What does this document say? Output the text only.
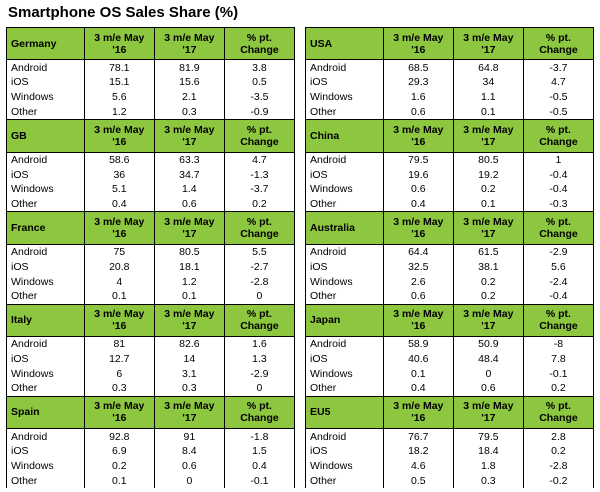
Smartphone OS Sales Share (%)
Germany	3 m/e May '16	3 m/e May '17	% pt. Change
Android	78.1	81.9	3.8
iOS	15.1	15.6	0.5
Windows	5.6	2.1	-3.5
Other	1.2	0.3	-0.9
GB	3 m/e May '16	3 m/e May '17	% pt. Change
Android	58.6	63.3	4.7
iOS	36	34.7	-1.3
Windows	5.1	1.4	-3.7
Other	0.4	0.6	0.2
France	3 m/e May '16	3 m/e May '17	% pt. Change
Android	75	80.5	5.5
iOS	20.8	18.1	-2.7
Windows	4	1.2	-2.8
Other	0.1	0.1	0
Italy	3 m/e May '16	3 m/e May '17	% pt. Change
Android	81	82.6	1.6
iOS	12.7	14	1.3
Windows	6	3.1	-2.9
Other	0.3	0.3	0
Spain	3 m/e May '16	3 m/e May '17	% pt. Change
Android	92.8	91	-1.8
iOS	6.9	8.4	1.5
Windows	0.2	0.6	0.4
Other	0.1	0	-0.1
USA	3 m/e May '16	3 m/e May '17	% pt. Change
Android	68.5	64.8	-3.7
iOS	29.3	34	4.7
Windows	1.6	1.1	-0.5
Other	0.6	0.1	-0.5
China	3 m/e May '16	3 m/e May '17	% pt. Change
Android	79.5	80.5	1
iOS	19.6	19.2	-0.4
Windows	0.6	0.2	-0.4
Other	0.4	0.1	-0.3
Australia	3 m/e May '16	3 m/e May '17	% pt. Change
Android	64.4	61.5	-2.9
iOS	32.5	38.1	5.6
Windows	2.6	0.2	-2.4
Other	0.6	0.2	-0.4
Japan	3 m/e May '16	3 m/e May '17	% pt. Change
Android	58.9	50.9	-8
iOS	40.6	48.4	7.8
Windows	0.1	0	-0.1
Other	0.4	0.6	0.2
EU5	3 m/e May '16	3 m/e May '17	% pt. Change
Android	76.7	79.5	2.8
iOS	18.2	18.4	0.2
Windows	4.6	1.8	-2.8
Other	0.5	0.3	-0.2
